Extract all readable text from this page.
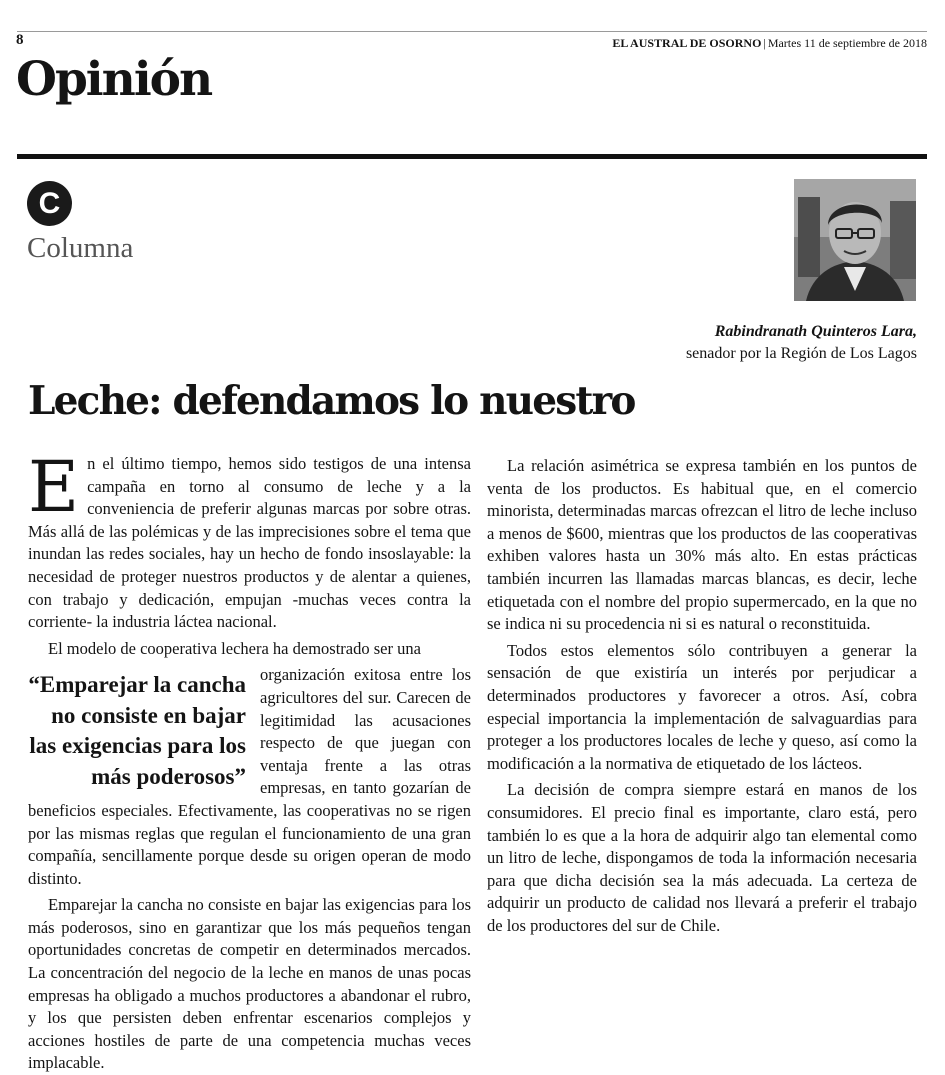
8	EL AUSTRAL DE OSORNO | Martes 11 de septiembre de 2018
Opinión
C
Columna
Rabindranath Quinteros Lara,
senador por la Región de Los Lagos
Leche: defendamos lo nuestro

En el último tiempo, hemos sido testigos de una intensa campaña en torno al consumo de leche y a la conveniencia de preferir algunas marcas por sobre otras. Más allá de las polémicas y de las imprecisiones sobre el tema que inundan las redes sociales, hay un hecho de fondo insoslayable: la necesidad de proteger nuestros productos y de alentar a quienes, con trabajo y dedicación, empujan -muchas veces contra la corriente- la industria láctea nacional.

El modelo de cooperativa lechera ha demostrado ser una

“Emparejar la cancha no consiste en bajar las exigencias para los más poderosos”
organización exitosa entre los agricultores del sur. Carecen de legitimidad las acusaciones respecto de que juegan con ventaja frente a las otras empresas, en tanto gozarían de beneficios especiales. Efectivamente, las cooperativas no se rigen por las mismas reglas que regulan el funcionamiento de una gran compañía, sencillamente porque desde su origen operan de modo distinto.

Emparejar la cancha no consiste en bajar las exigencias para los más poderosos, sino en garantizar que los más pequeños tengan oportunidades concretas de competir en determinados mercados. La concentración del negocio de la leche en manos de unas pocas empresas ha obligado a muchos productores a abandonar el rubro, y los que persisten deben enfrentar escenarios complejos y acciones hostiles de parte de una competencia muchas veces implacable.

La relación asimétrica se expresa también en los puntos de venta de los productos. Es habitual que, en el comercio minorista, determinadas marcas ofrezcan el litro de leche incluso a menos de $600, mientras que los productos de las cooperativas exhiben valores hasta un 30% más alto. En estas prácticas también incurren las llamadas marcas blancas, es decir, leche etiquetada con el nombre del propio supermercado, en la que no se indica ni su procedencia ni si es natural o reconstituida.

Todos estos elementos sólo contribuyen a generar la sensación de que existiría un interés por perjudicar a determinados productores y favorecer a otros. Así, cobra especial importancia la implementación de salvaguardias para proteger a los productores locales de leche y queso, así como la modificación a la normativa de etiquetado de los lácteos.

La decisión de compra siempre estará en manos de los consumidores. El precio final es importante, claro está, pero también lo es que a la hora de adquirir algo tan elemental como un litro de leche, dispongamos de toda la información necesaria para que dicha decisión sea la más adecuada. La certeza de adquirir un producto de calidad nos llevará a preferir el trabajo de los productores del sur de Chile.
